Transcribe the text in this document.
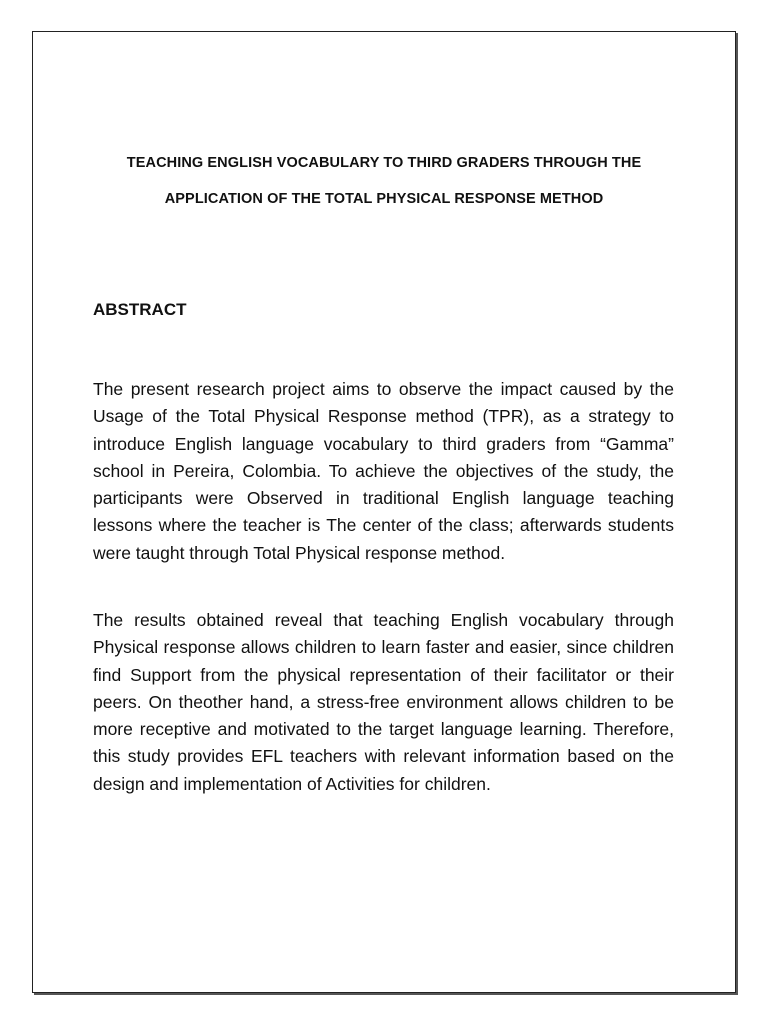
TEACHING ENGLISH VOCABULARY TO THIRD GRADERS THROUGH THE
APPLICATION OF THE TOTAL PHYSICAL RESPONSE METHOD
ABSTRACT

The present research project aims to observe the impact caused by the Usage of the Total Physical Response method (TPR), as a strategy to introduce English language vocabulary to third graders from “Gamma” school in Pereira, Colombia. To achieve the objectives of the study, the participants were Observed in traditional English language teaching lessons where the teacher is The center of the class; afterwards students were taught through Total Physical response method.

The results obtained reveal that teaching English vocabulary through Physical response allows children to learn faster and easier, since children find Support from the physical representation of their facilitator or their peers. On theother hand, a stress-free environment allows children to be more receptive and motivated to the target language learning. Therefore, this study provides EFL teachers with relevant information based on the design and implementation of Activities for children.
